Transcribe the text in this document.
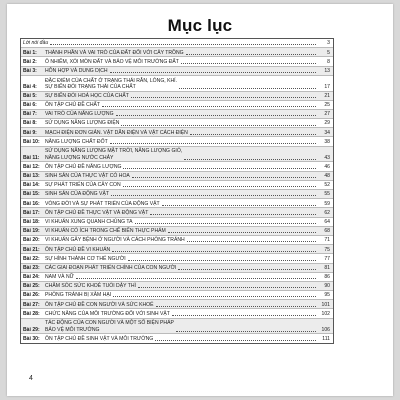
Mục lục
Lời nói đầu	3
Bài 1:	THÀNH PHẦN VÀ VAI TRÒ CỦA ĐẤT ĐỐI VỚI CÂY TRỒNG	5
Bài 2:	Ô NHIỄM, XÓI MÒN ĐẤT VÀ BẢO VỆ MÔI TRƯỜNG ĐẤT	8
Bài 3:	HỖN HỢP VÀ DUNG DỊCH	13
Bài 4:
ĐẶC ĐIỂM CỦA CHẤT Ở TRẠNG THÁI RẮN, LỎNG, KHÍ.
SỰ BIẾN ĐỔI TRẠNG THÁI CỦA CHẤT	17
Bài 5:	SỰ BIẾN ĐỔI HOÁ HỌC CỦA CHẤT	21
Bài 6:	ÔN TẬP CHỦ ĐỀ CHẤT	25
Bài 7:	VAI TRÒ CỦA NĂNG LƯỢNG	27
Bài 8:	SỬ DỤNG NĂNG LƯỢNG ĐIỆN	29
Bài 9:	MẠCH ĐIỆN ĐƠN GIẢN. VẬT DẪN ĐIỆN VÀ VẬT CÁCH ĐIỆN	34
Bài 10:	NĂNG LƯỢNG CHẤT ĐỐT	38
Bài 11:
SỬ DỤNG NĂNG LƯỢNG MẶT TRỜI, NĂNG LƯỢNG GIÓ,
NĂNG LƯỢNG NƯỚC CHẢY	43
Bài 12:	ÔN TẬP CHỦ ĐỀ NĂNG LƯỢNG	46
Bài 13:	SINH SẢN CỦA THỰC VẬT CÓ HOA	48
Bài 14:	SỰ PHÁT TRIỂN CỦA CÂY CON	52
Bài 15:	SINH SẢN CỦA ĐỘNG VẬT	55
Bài 16:	VÒNG ĐỜI VÀ SỰ PHÁT TRIỂN CỦA ĐỘNG VẬT	59
Bài 17:	ÔN TẬP CHỦ ĐỀ THỰC VẬT VÀ ĐỘNG VẬT	62
Bài 18:	VI KHUẨN XUNG QUANH CHÚNG TA	64
Bài 19:	VI KHUẨN CÓ ÍCH TRONG CHẾ BIẾN THỰC PHẨM	68
Bài 20:	VI KHUẨN GÂY BỆNH Ở NGƯỜI VÀ CÁCH PHÒNG TRÁNH	71
Bài 21:	ÔN TẬP CHỦ ĐỀ VI KHUẨN	75
Bài 22:	SỰ HÌNH THÀNH CƠ THỂ NGƯỜI	77
Bài 23:	CÁC GIAI ĐOẠN PHÁT TRIỂN CHÍNH CỦA CON NGƯỜI	81
Bài 24:	NAM VÀ NỮ	86
Bài 25:	CHĂM SÓC SỨC KHOẺ TUỔI DẬY THÌ	90
Bài 26:	PHÒNG TRÁNH BỊ XÂM HẠI	95
Bài 27:	ÔN TẬP CHỦ ĐỀ CON NGƯỜI VÀ SỨC KHOẺ	101
Bài 28:	CHỨC NĂNG CỦA MÔI TRƯỜNG ĐỐI VỚI SINH VẬT	102
Bài 29:
TÁC ĐỘNG CỦA CON NGƯỜI VÀ MỘT SỐ BIỆN PHÁP
BẢO VỆ MÔI TRƯỜNG	106
Bài 30:	ÔN TẬP CHỦ ĐỀ SINH VẬT VÀ MÔI TRƯỜNG	111
4
